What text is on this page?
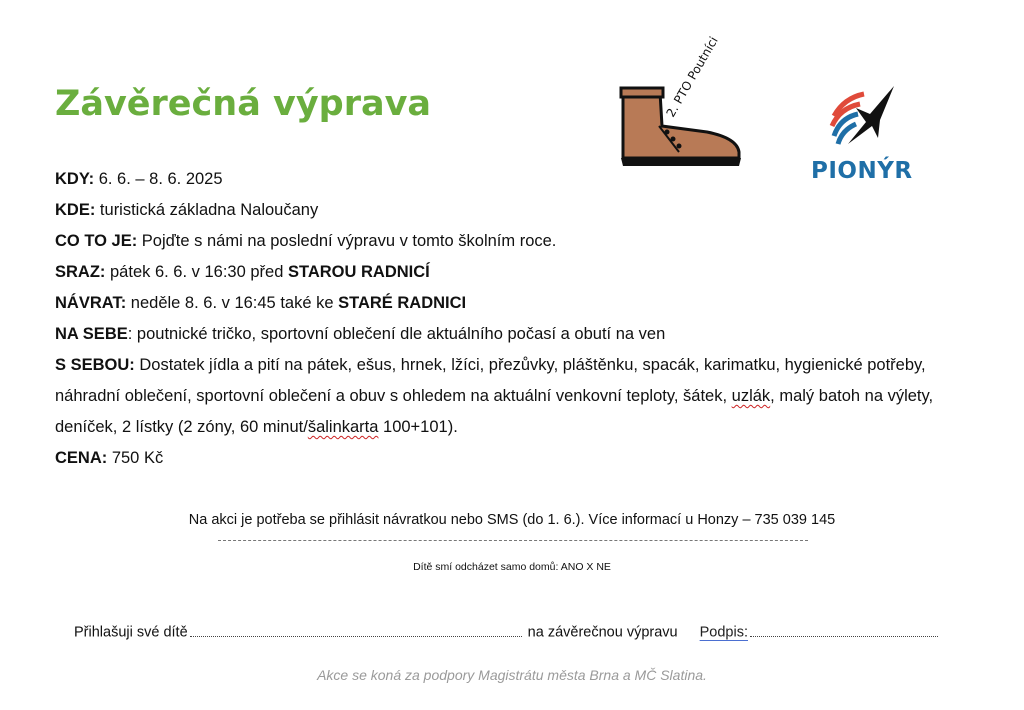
Závěrečná výprava	2. PTO Poutníci
PIONÝR
KDY: 6. 6. – 8. 6. 2025
KDE: turistická základna Naloučany
CO TO JE: Pojďte s námi na poslední výpravu v tomto školním roce.
SRAZ: pátek 6. 6. v 16:30 před STAROU RADNICÍ
NÁVRAT: neděle 8. 6. v 16:45 také ke STARÉ RADNICI
NA SEBE: poutnické tričko, sportovní oblečení dle aktuálního počasí a obutí na ven
S SEBOU: Dostatek jídla a pití na pátek, ešus, hrnek, lžíci, přezůvky, pláštěnku, spacák, karimatku, hygienické potřeby, náhradní oblečení, sportovní oblečení a obuv s ohledem na aktuální venkovní teploty, šátek, uzlák, malý batoh na výlety, deníček, 2 lístky (2 zóny, 60 minut/šalinkarta 100+101).
CENA: 750 Kč
Na akci je potřeba se přihlásit návratkou nebo SMS (do 1. 6.). Více informací u Honzy – 735 039 145
Dítě smí odcházet samo domů: ANO X NE
Přihlašuji své dítě	na závěrečnou výpravu Podpis:
Akce se koná za podpory Magistrátu města Brna a MČ Slatina.
